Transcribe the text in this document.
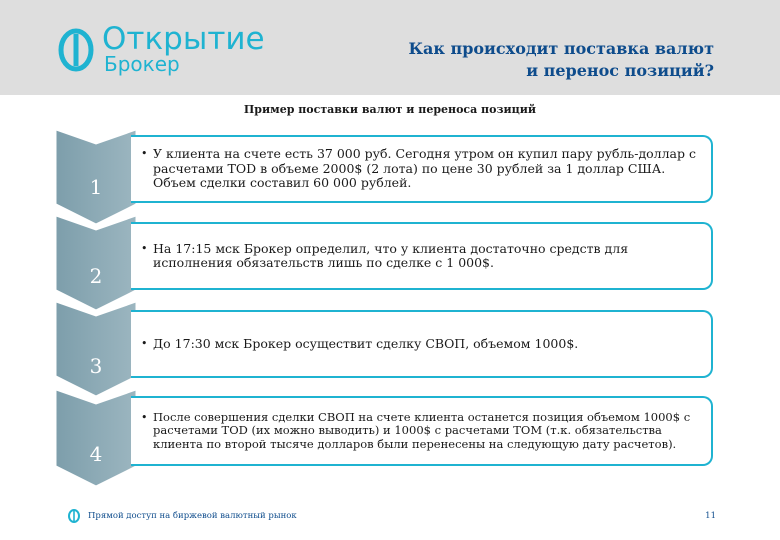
Открытие
Брокер
Как происходит поставка валют
и перенос позиций?
Пример поставки валют и переноса позиций
1
2
3
4
• У клиента на счете есть 37 000 руб. Сегодня утром он купил пару рубль-доллар с расчетами TOD в объеме 2000$ (2 лота) по цене 30 рублей за 1 доллар США. Объем сделки составил 60 000 рублей.
• На 17:15 мск Брокер определил, что у клиента достаточно средств для исполнения обязательств лишь по сделке с 1 000$.
• До 17:30 мск Брокер осуществит сделку СВОП, объемом 1000$.
• После совершения сделки СВОП на счете клиента останется позиция объемом 1000$ с расчетами TOD (их можно выводить) и 1000$ с расчетами TOM (т.к. обязательства клиента по второй тысяче долларов были перенесены на следующую дату расчетов).
Прямой доступ на биржевой валютный рынок	11
